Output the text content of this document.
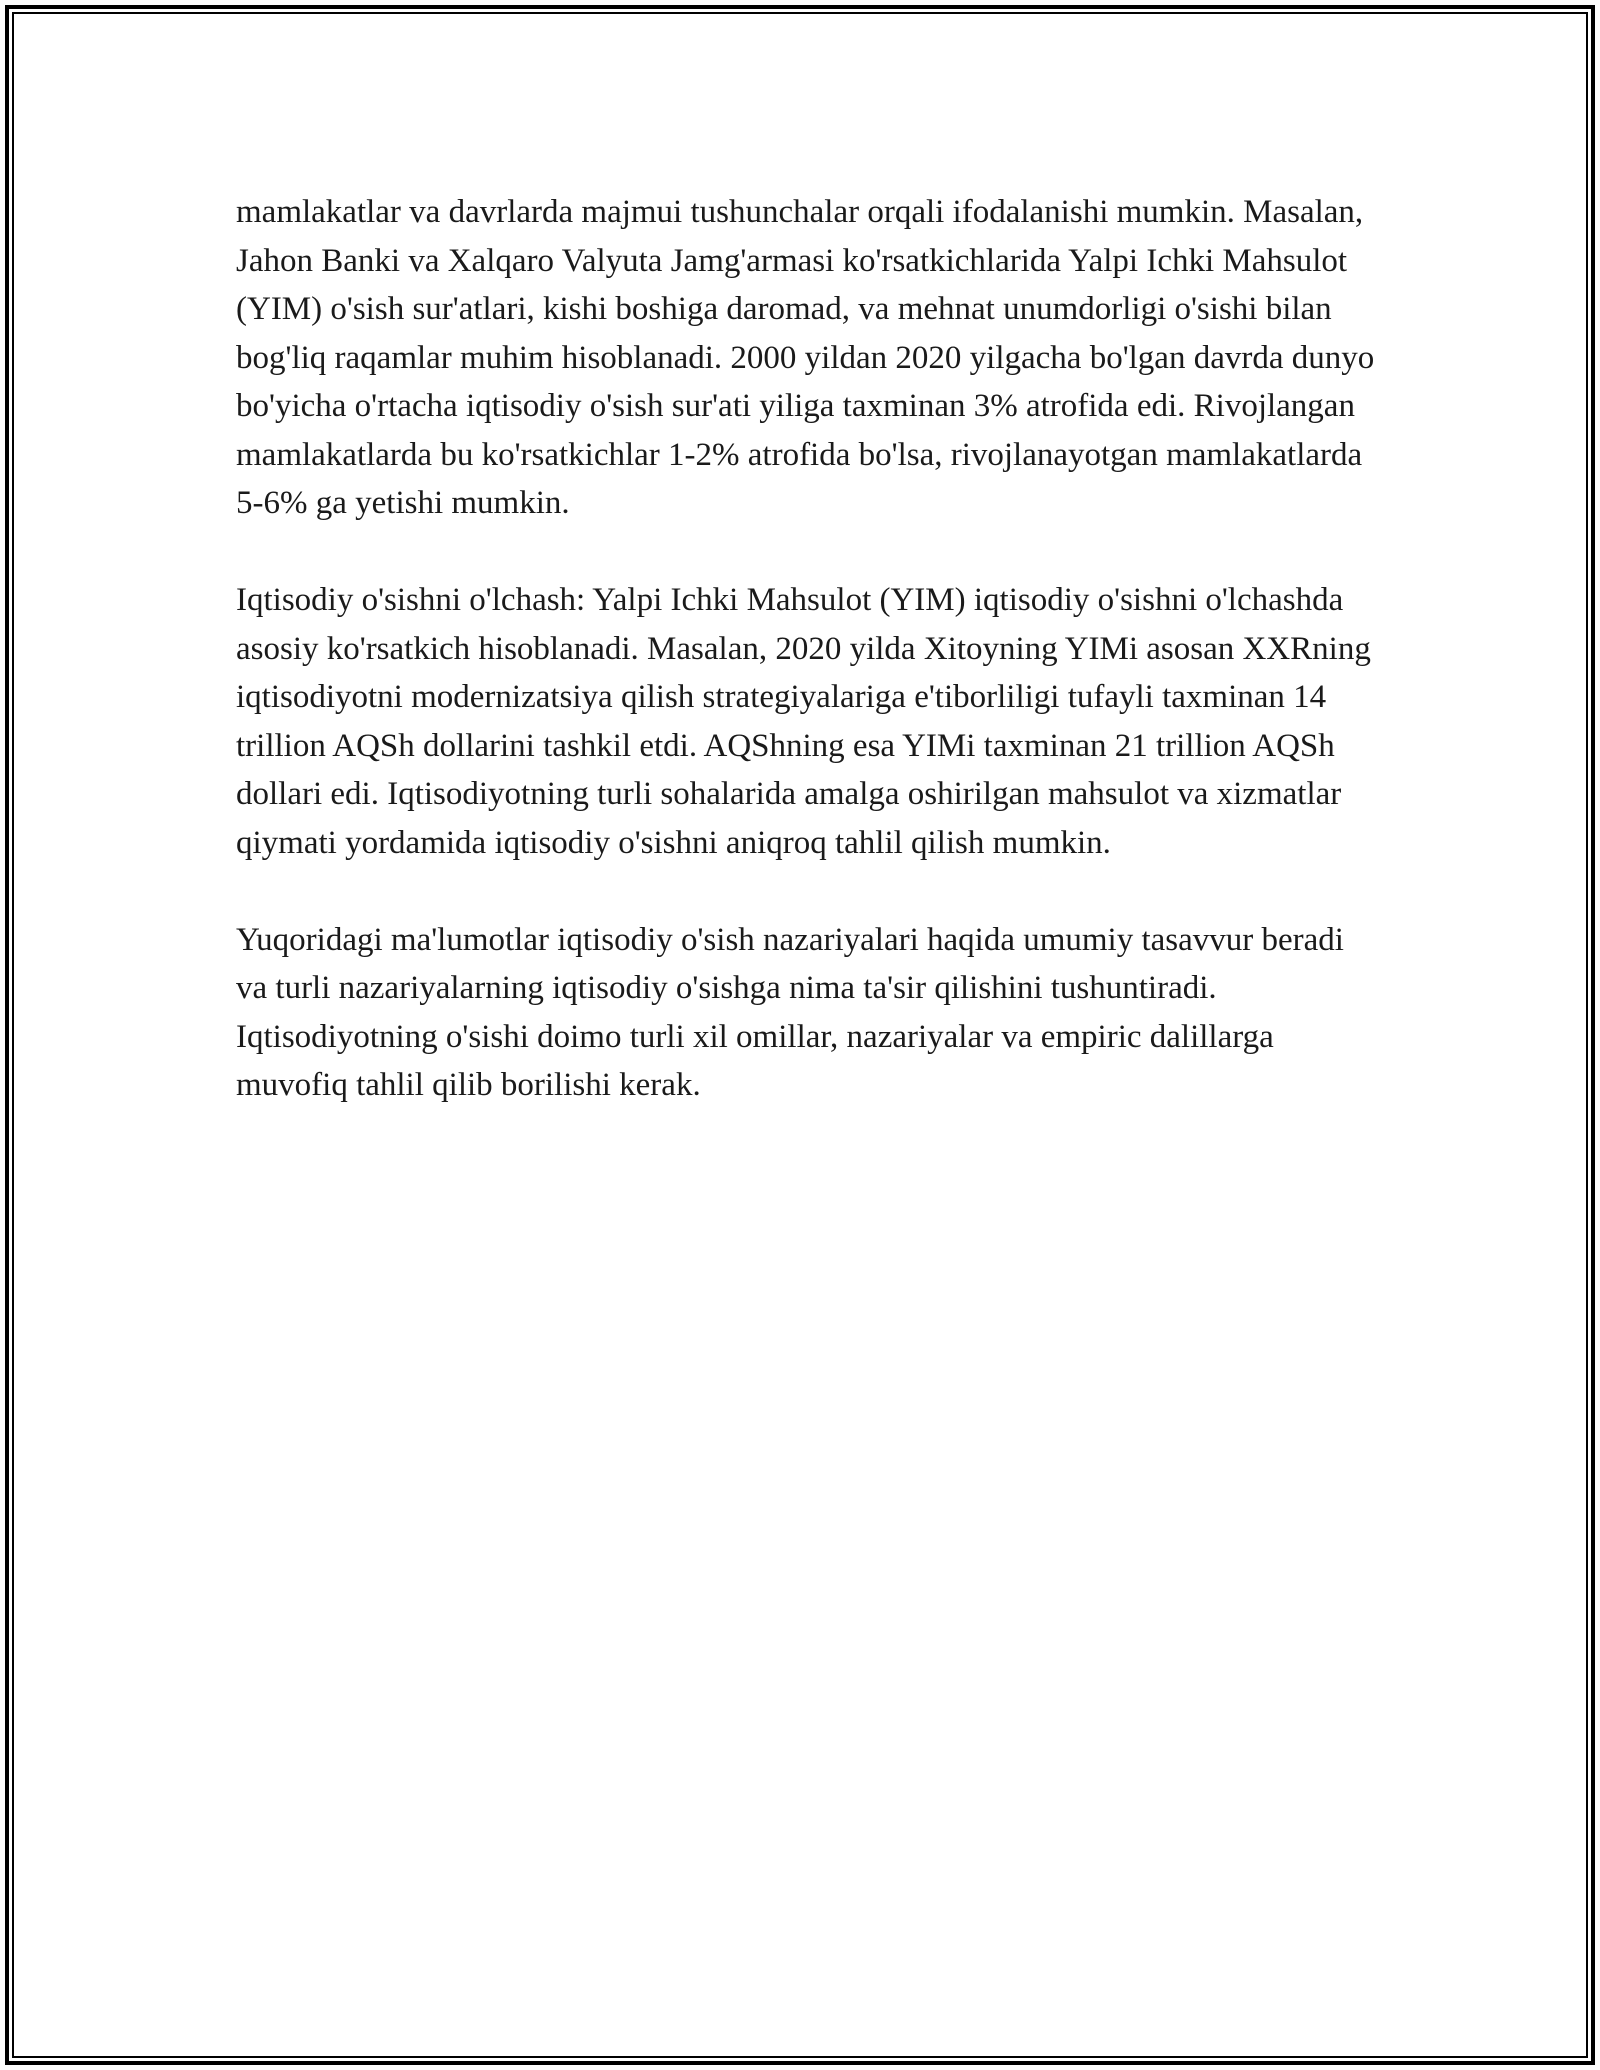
mamlakatlar va davrlarda majmui tushunchalar orqali ifodalanishi mumkin. Masalan, Jahon Banki va Xalqaro Valyuta Jamg'armasi ko'rsatkichlarida Yalpi Ichki Mahsulot (YIM) o'sish sur'atlari, kishi boshiga daromad, va mehnat unumdorligi o'sishi bilan bog'liq raqamlar muhim hisoblanadi. 2000 yildan 2020 yilgacha bo'lgan davrda dunyo bo'yicha o'rtacha iqtisodiy o'sish sur'ati yiliga taxminan 3% atrofida edi. Rivojlangan mamlakatlarda bu ko'rsatkichlar 1-2% atrofida bo'lsa, rivojlanayotgan mamlakatlarda 5-6% ga yetishi mumkin.

Iqtisodiy o'sishni o'lchash: Yalpi Ichki Mahsulot (YIM) iqtisodiy o'sishni o'lchashda asosiy ko'rsatkich hisoblanadi. Masalan, 2020 yilda Xitoyning YIMi asosan XXRning iqtisodiyotni modernizatsiya qilish strategiyalariga e'tiborliligi tufayli taxminan 14 trillion AQSh dollarini tashkil etdi. AQShning esa YIMi taxminan 21 trillion AQSh dollari edi. Iqtisodiyotning turli sohalarida amalga oshirilgan mahsulot va xizmatlar qiymati yordamida iqtisodiy o'sishni aniqroq tahlil qilish mumkin.

Yuqoridagi ma'lumotlar iqtisodiy o'sish nazariyalari haqida umumiy tasavvur beradi va turli nazariyalarning iqtisodiy o'sishga nima ta'sir qilishini tushuntiradi. Iqtisodiyotning o'sishi doimo turli xil omillar, nazariyalar va empiric dalillarga muvofiq tahlil qilib borilishi kerak.
